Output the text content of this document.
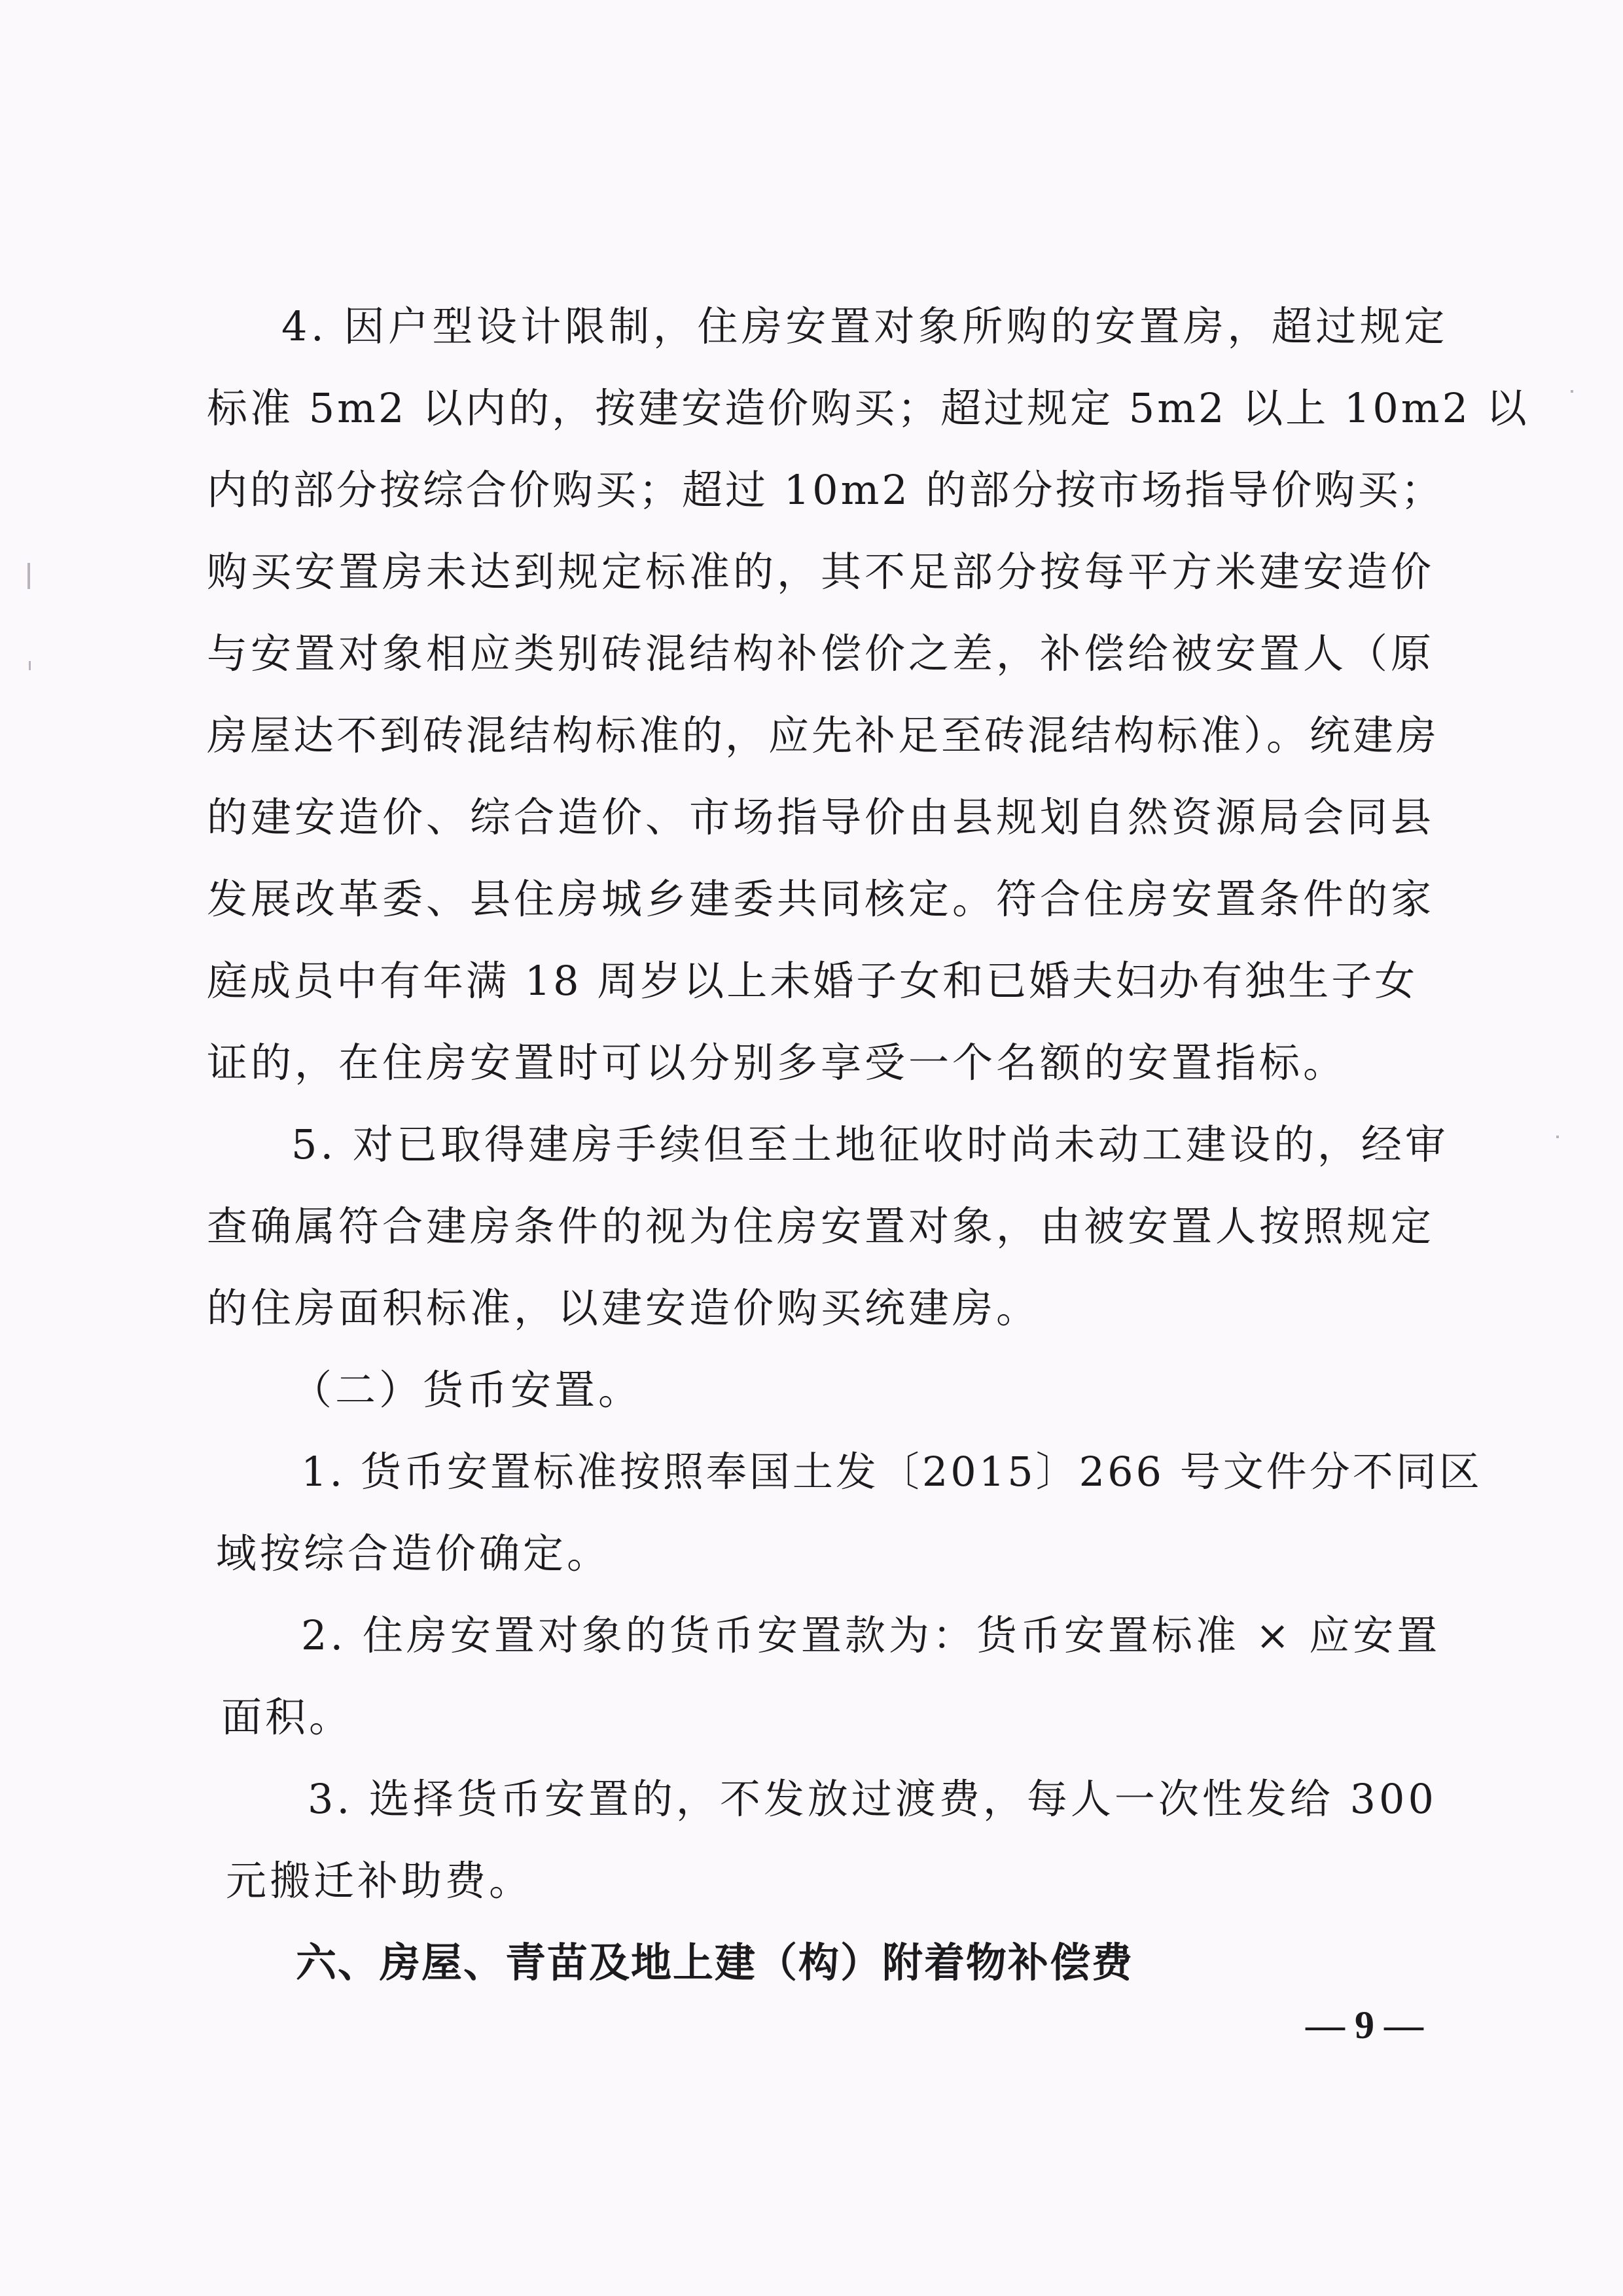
4. 因户型设计限制，住房安置对象所购的安置房，超过规定
标准 5m2 以内的，按建安造价购买；超过规定 5m2 以上 10m2 以
内的部分按综合价购买；超过 10m2 的部分按市场指导价购买；
购买安置房未达到规定标准的，其不足部分按每平方米建安造价
与安置对象相应类别砖混结构补偿价之差，补偿给被安置人（原
房屋达不到砖混结构标准的，应先补足至砖混结构标准）。统建房
的建安造价、综合造价、市场指导价由县规划自然资源局会同县
发展改革委、县住房城乡建委共同核定。符合住房安置条件的家
庭成员中有年满 18 周岁以上未婚子女和已婚夫妇办有独生子女
证的，在住房安置时可以分别多享受一个名额的安置指标。
5. 对已取得建房手续但至土地征收时尚未动工建设的，经审
查确属符合建房条件的视为住房安置对象，由被安置人按照规定
的住房面积标准，以建安造价购买统建房。
（二）货币安置。
1. 货币安置标准按照奉国土发〔2015〕266 号文件分不同区
域按综合造价确定。
2. 住房安置对象的货币安置款为：货币安置标准 × 应安置
面积。
3. 选择货币安置的，不发放过渡费，每人一次性发给 300
元搬迁补助费。
六、房屋、青苗及地上建（构）附着物补偿费
— 9 —
